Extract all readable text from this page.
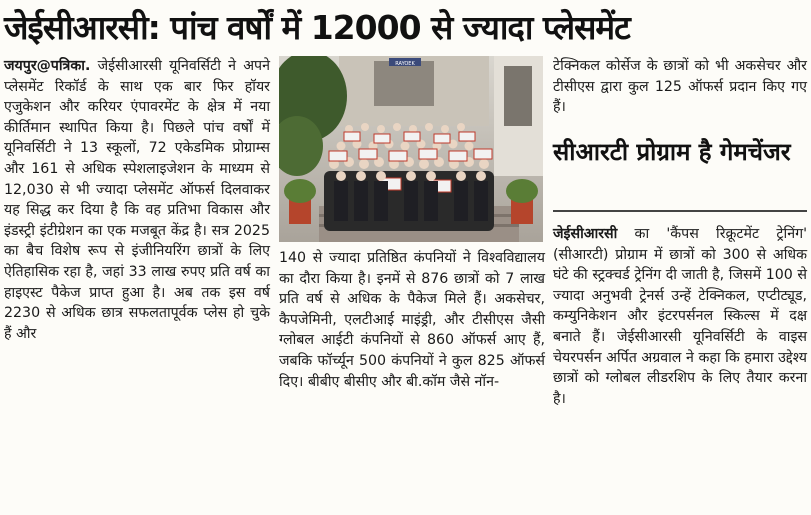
जेईसीआरसी: पांच वर्षों में 12000 से ज्यादा प्लेसमेंट

जयपुर@पत्रिका. जेईसीआरसी यूनिवर्सिटी ने अपने प्लेसमेंट रिकॉर्ड के साथ एक बार फिर हॉयर एजुकेशन और करियर एंपावरमेंट के क्षेत्र में नया कीर्तिमान स्थापित किया है। पिछले पांच वर्षों में यूनिवर्सिटी ने 13 स्कूलों, 72 एकेडमिक प्रोग्राम्स और 161 से अधिक स्पेशलाइजेशन के माध्यम से 12,030 से भी ज्यादा प्लेसमेंट ऑफर्स दिलवाकर यह सिद्ध कर दिया है कि वह प्रतिभा विकास और इंडस्ट्री इंटीग्रेशन का एक मजबूत केंद्र है। सत्र 2025 का बैच विशेष रूप से इंजीनियरिंग छात्रों के लिए ऐतिहासिक रहा है, जहां 33 लाख रुपए प्रति वर्ष का हाइएस्ट पैकेज प्राप्त हुआ है। अब तक इस वर्ष 2230 से अधिक छात्र सफलतापूर्वक प्लेस हो चुके हैं और

RAYOEK

140 से ज्यादा प्रतिष्ठित कंपनियों ने विश्वविद्यालय का दौरा किया है। इनमें से 876 छात्रों को 7 लाख प्रति वर्ष से अधिक के पैकेज मिले हैं। अकसेचर, कैपजेमिनी, एलटीआई माइंड्री, और टीसीएस जैसी ग्लोबल आईटी कंपनियों से 860 ऑफर्स आए हैं, जबकि फॉर्च्यून 500 कंपनियों ने कुल 825 ऑफर्स दिए। बीबीए बीसीए और बी.कॉम जैसे नॉन-

टेक्निकल कोर्सेज के छात्रों को भी अकसेचर और टीसीएस द्वारा कुल 125 ऑफर्स प्रदान किए गए हैं।

सीआरटी प्रोग्राम है गेमचेंजर

जेईसीआरसी का 'कैंपस रिक्रूटमेंट ट्रेनिंग' (सीआरटी) प्रोग्राम में छात्रों को 300 से अधिक घंटे की स्ट्रक्चर्ड ट्रेनिंग दी जाती है, जिसमें 100 से ज्यादा अनुभवी ट्रेनर्स उन्हें टेक्निकल, एप्टीट्यूड, कम्युनिकेशन और इंटरपर्सनल स्किल्स में दक्ष बनाते हैं। जेईसीआरसी यूनिवर्सिटी के वाइस चेयरपर्सन अर्पित अग्रवाल ने कहा कि हमारा उद्देश्य छात्रों को ग्लोबल लीडरशिप के लिए तैयार करना है।
